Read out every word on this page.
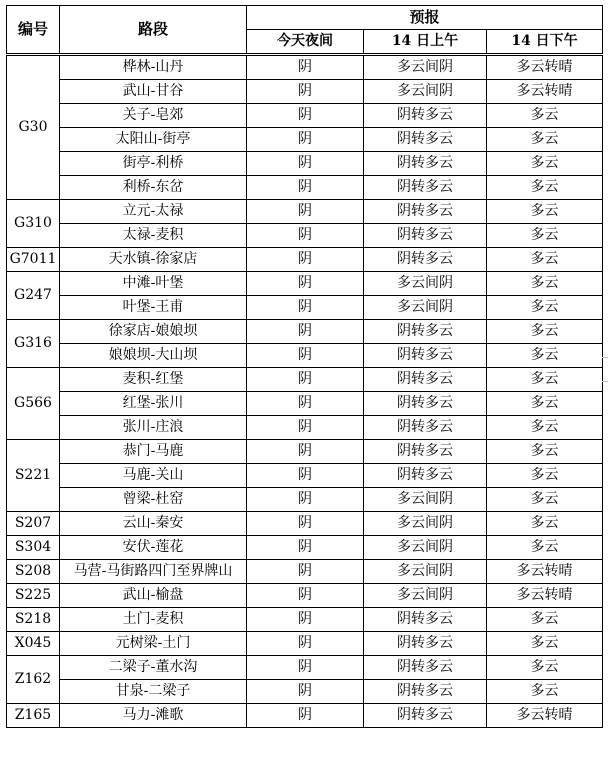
编号	路段	预报		
		今天夜间	14 日上午	14 日下午
G30	桦林-山丹	阴	多云间阴	多云转晴
	武山-甘谷	阴	多云间阴	多云转晴
	关子-皂郊	阴	阴转多云	多云
	太阳山-街亭	阴	阴转多云	多云
	街亭-利桥	阴	阴转多云	多云
	利桥-东岔	阴	阴转多云	多云
G310	立元-太禄	阴	阴转多云	多云
	太禄-麦积	阴	阴转多云	多云
G7011	天水镇-徐家店	阴	阴转多云	多云
G247	中滩-叶堡	阴	多云间阴	多云
	叶堡-王甫	阴	多云间阴	多云
G316	徐家店-娘娘坝	阴	阴转多云	多云
	娘娘坝-大山坝	阴	阴转多云	多云
G566	麦积-红堡	阴	阴转多云	多云
	红堡-张川	阴	阴转多云	多云
	张川-庄浪	阴	阴转多云	多云
S221	恭门-马鹿	阴	阴转多云	多云
	马鹿-关山	阴	阴转多云	多云
	曾梁-杜窑	阴	多云间阴	多云
S207	云山-秦安	阴	多云间阴	多云
S304	安伏-莲花	阴	多云间阴	多云
S208	马营-马街路四门至界牌山	阴	多云间阴	多云转晴
S225	武山-榆盘	阴	多云间阴	多云转晴
S218	土门-麦积	阴	阴转多云	多云
X045	元树梁-土门	阴	阴转多云	多云
Z162	二梁子-董水沟	阴	阴转多云	多云
	甘泉-二梁子	阴	阴转多云	多云
Z165	马力-滩歌	阴	阴转多云	多云转晴
